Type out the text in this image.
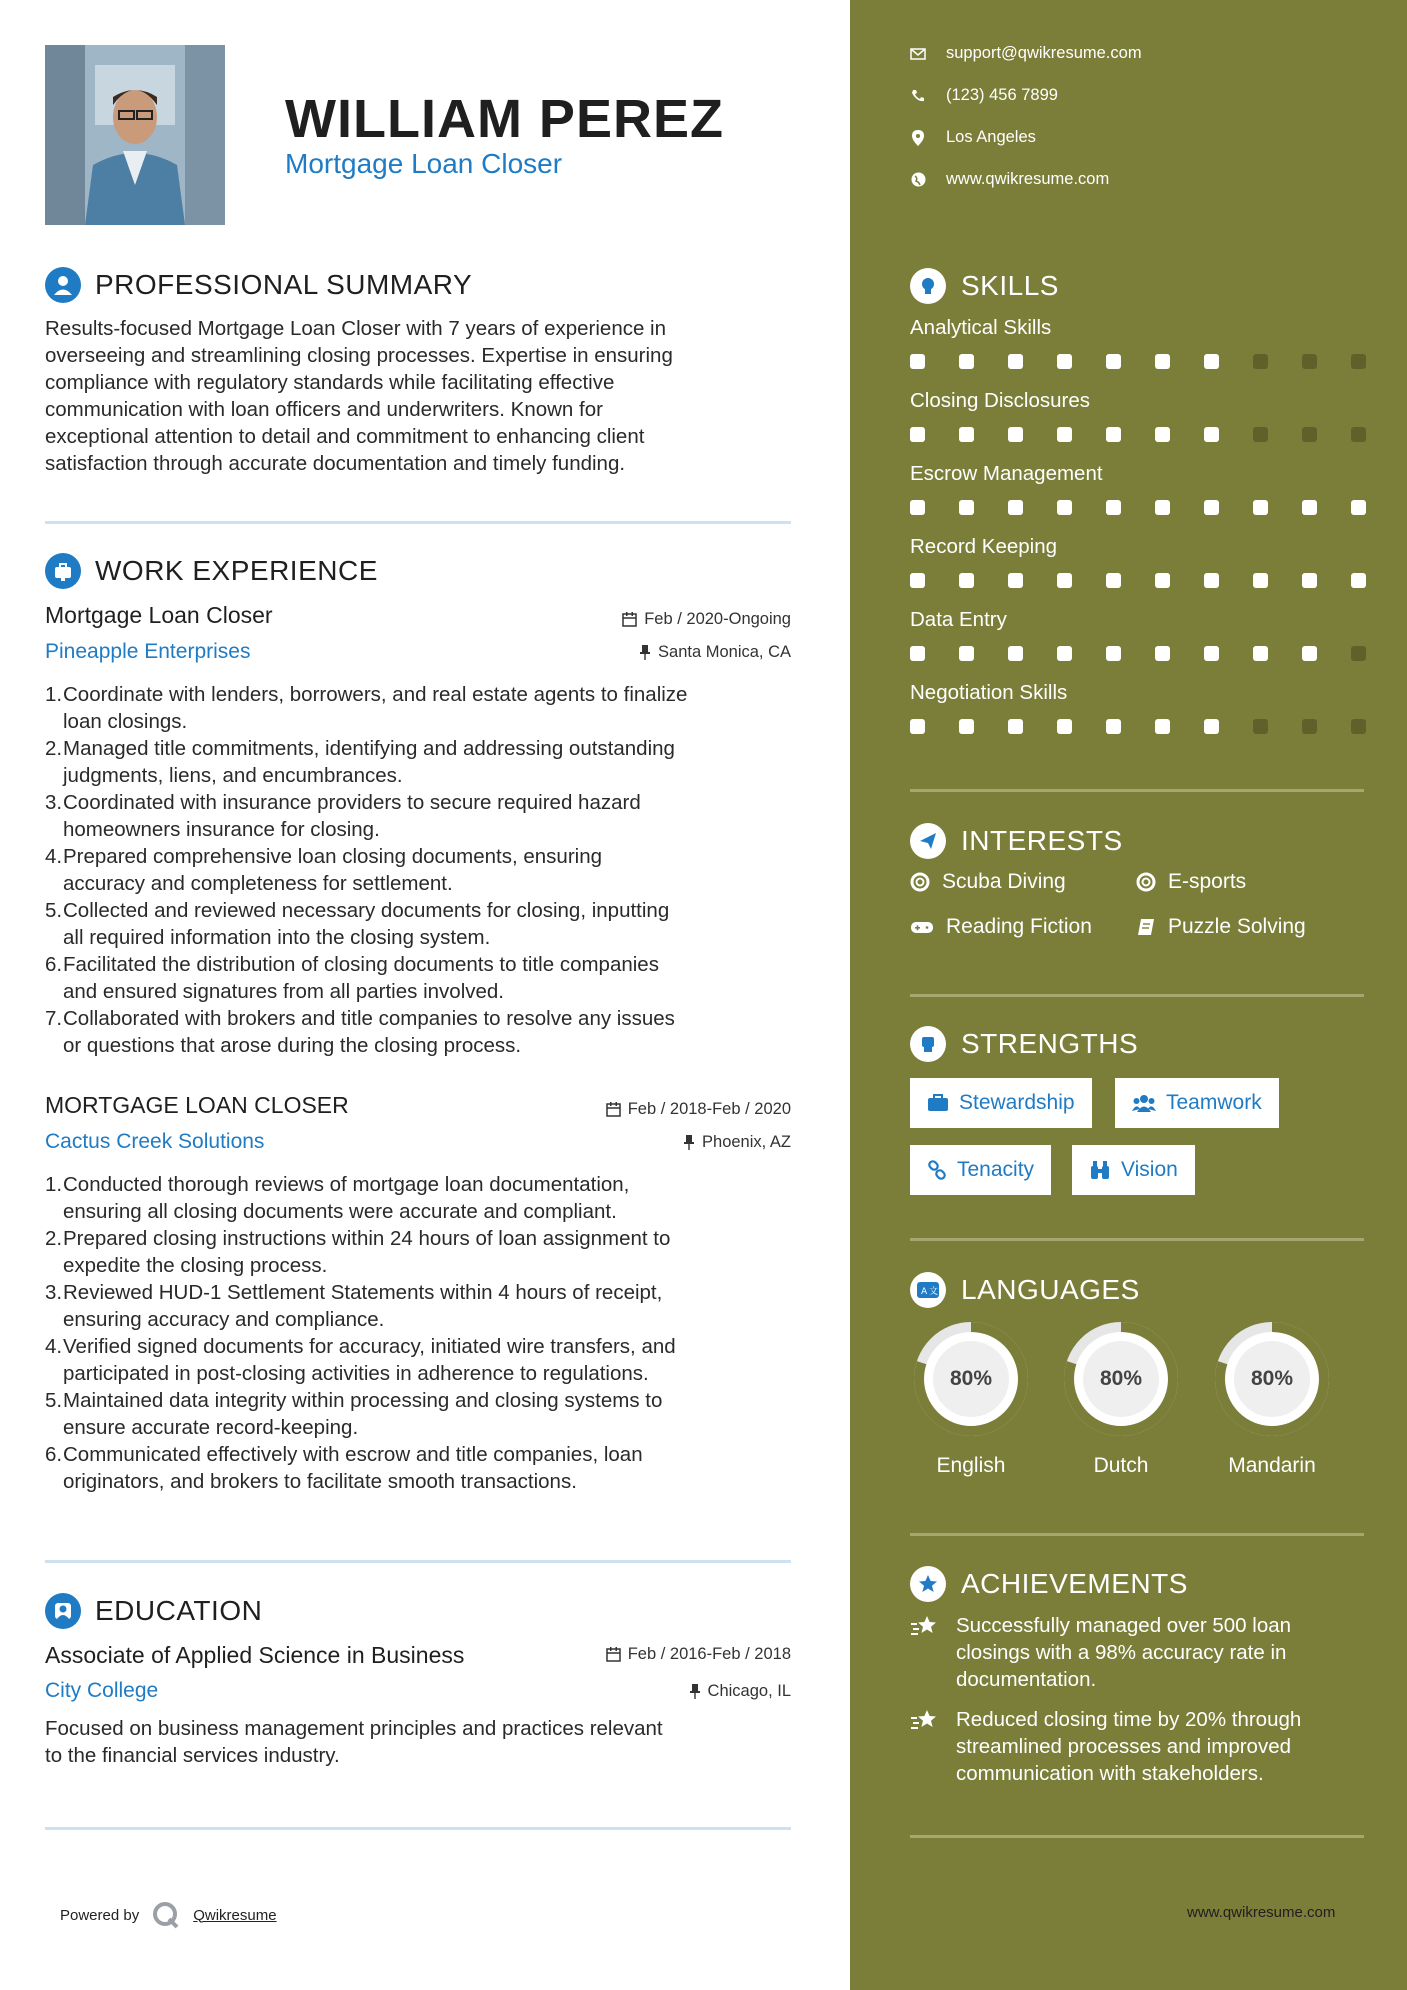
WILLIAM PEREZ
Mortgage Loan Closer
PROFESSIONAL SUMMARY
Results-focused Mortgage Loan Closer with 7 years of experience in
overseeing and streamlining closing processes. Expertise in ensuring
compliance with regulatory standards while facilitating effective
communication with loan officers and underwriters. Known for
exceptional attention to detail and commitment to enhancing client
satisfaction through accurate documentation and timely funding.
WORK EXPERIENCE
Mortgage Loan Closer	Feb / 2020-Ongoing
Pineapple Enterprises	Santa Monica, CA
1. Coordinate with lenders, borrowers, and real estate agents to finalize
loan closings.
2. Managed title commitments, identifying and addressing outstanding
judgments, liens, and encumbrances.
3. Coordinated with insurance providers to secure required hazard
homeowners insurance for closing.
4. Prepared comprehensive loan closing documents, ensuring
accuracy and completeness for settlement.
5. Collected and reviewed necessary documents for closing, inputting
all required information into the closing system.
6. Facilitated the distribution of closing documents to title companies
and ensured signatures from all parties involved.
7. Collaborated with brokers and title companies to resolve any issues
or questions that arose during the closing process.
MORTGAGE LOAN CLOSER	Feb / 2018-Feb / 2020
Cactus Creek Solutions	Phoenix, AZ
1. Conducted thorough reviews of mortgage loan documentation,
ensuring all closing documents were accurate and compliant.
2. Prepared closing instructions within 24 hours of loan assignment to
expedite the closing process.
3. Reviewed HUD-1 Settlement Statements within 4 hours of receipt,
ensuring accuracy and compliance.
4. Verified signed documents for accuracy, initiated wire transfers, and
participated in post-closing activities in adherence to regulations.
5. Maintained data integrity within processing and closing systems to
ensure accurate record-keeping.
6. Communicated effectively with escrow and title companies, loan
originators, and brokers to facilitate smooth transactions.
EDUCATION
Associate of Applied Science in Business	Feb / 2016-Feb / 2018
City College	Chicago, IL
Focused on business management principles and practices relevant
to the financial services industry.
Powered by	Qwikresume
support@qwikresume.com
(123) 456 7899
Los Angeles
www.qwikresume.com
SKILLS
Analytical Skills
Closing Disclosures
Escrow Management
Record Keeping
Data Entry
Negotiation Skills
INTERESTS
Scuba Diving	E-sports
Reading Fiction	Puzzle Solving
STRENGTHS
Stewardship	Teamwork
Tenacity	Vision
A 文 LANGUAGES
80%
English
80%
Dutch
80%
Mandarin
ACHIEVEMENTS
Successfully managed over 500 loan
closings with a 98% accuracy rate in
documentation.
Reduced closing time by 20% through
streamlined processes and improved
communication with stakeholders.
www.qwikresume.com
